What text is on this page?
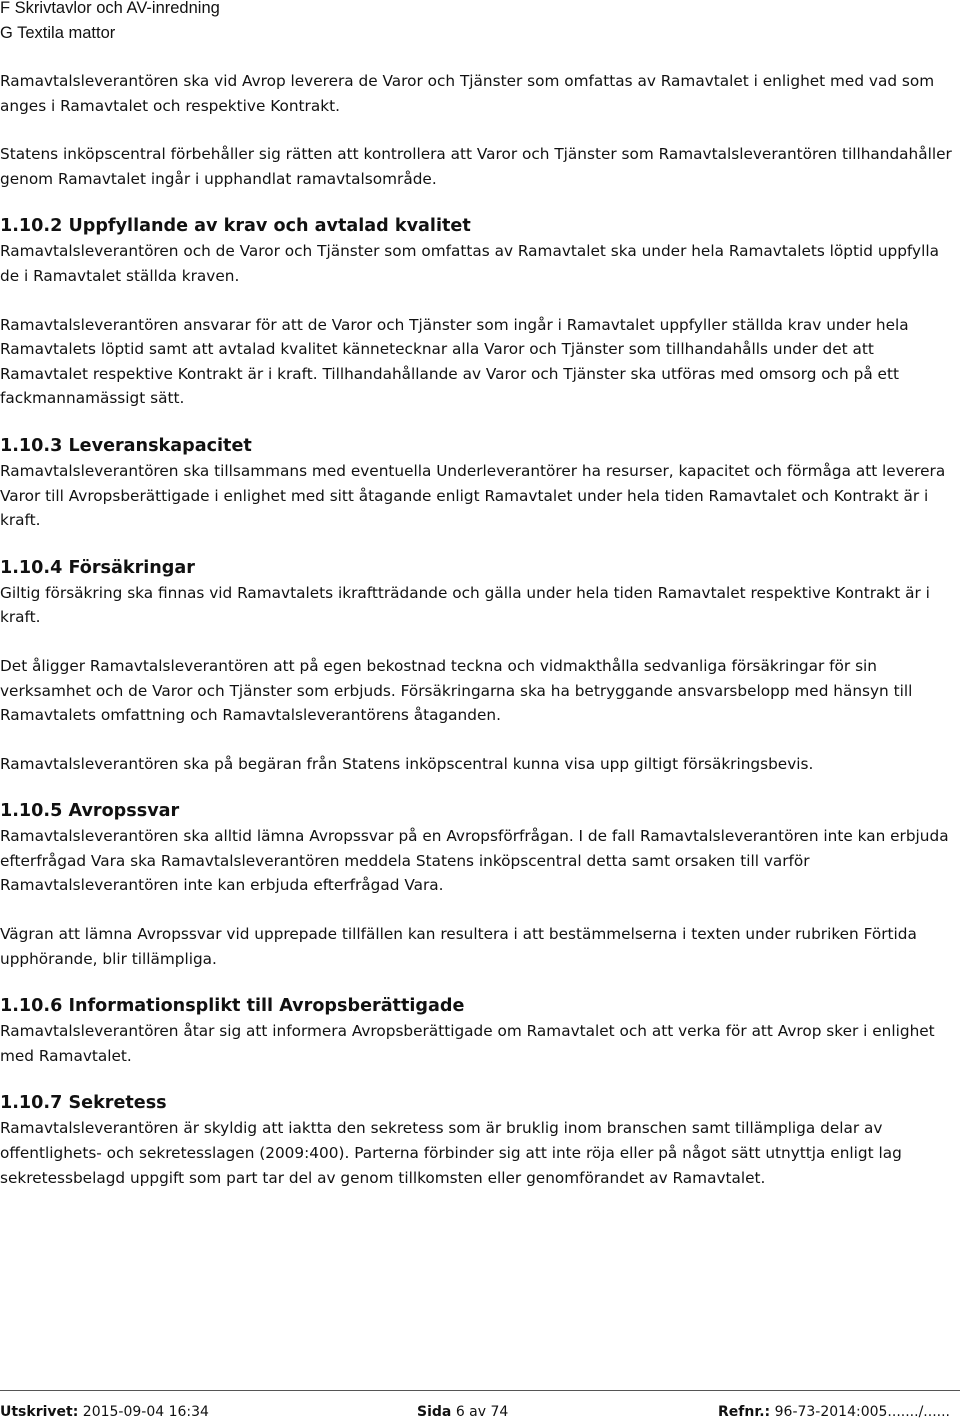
F Skrivtavlor och AV-inredning
G Textila mattor

Ramavtalsleverantören ska vid Avrop leverera de Varor och Tjänster som omfattas av Ramavtalet i enlighet med vad som anges i Ramavtalet och respektive Kontrakt.

Statens inköpscentral förbehåller sig rätten att kontrollera att Varor och Tjänster som Ramavtalsleverantören tillhandahåller genom Ramavtalet ingår i upphandlat ramavtalsområde.

1.10.2 Uppfyllande av krav och avtalad kvalitet

Ramavtalsleverantören och de Varor och Tjänster som omfattas av Ramavtalet ska under hela Ramavtalets löptid uppfylla de i Ramavtalet ställda kraven.

Ramavtalsleverantören ansvarar för att de Varor och Tjänster som ingår i Ramavtalet uppfyller ställda krav under hela Ramavtalets löptid samt att avtalad kvalitet kännetecknar alla Varor och Tjänster som tillhandahålls under det att Ramavtalet respektive Kontrakt är i kraft. Tillhandahållande av Varor och Tjänster ska utföras med omsorg och på ett fackmannamässigt sätt.

1.10.3 Leveranskapacitet

Ramavtalsleverantören ska tillsammans med eventuella Underleverantörer ha resurser, kapacitet och förmåga att leverera Varor till Avropsberättigade i enlighet med sitt åtagande enligt Ramavtalet under hela tiden Ramavtalet och Kontrakt är i kraft.

1.10.4 Försäkringar

Giltig försäkring ska finnas vid Ramavtalets ikraftträdande och gälla under hela tiden Ramavtalet respektive Kontrakt är i kraft.

Det åligger Ramavtalsleverantören att på egen bekostnad teckna och vidmakthålla sedvanliga försäkringar för sin verksamhet och de Varor och Tjänster som erbjuds. Försäkringarna ska ha betryggande ansvarsbelopp med hänsyn till Ramavtalets omfattning och Ramavtalsleverantörens åtaganden.

Ramavtalsleverantören ska på begäran från Statens inköpscentral kunna visa upp giltigt försäkringsbevis.

1.10.5 Avropssvar

Ramavtalsleverantören ska alltid lämna Avropssvar på en Avropsförfrågan. I de fall Ramavtalsleverantören inte kan erbjuda efterfrågad Vara ska Ramavtalsleverantören meddela Statens inköpscentral detta samt orsaken till varför Ramavtalsleverantören inte kan erbjuda efterfrågad Vara.

Vägran att lämna Avropssvar vid upprepade tillfällen kan resultera i att bestämmelserna i texten under rubriken Förtida upphörande, blir tillämpliga.

1.10.6 Informationsplikt till Avropsberättigade

Ramavtalsleverantören åtar sig att informera Avropsberättigade om Ramavtalet och att verka för att Avrop sker i enlighet med Ramavtalet.

1.10.7 Sekretess

Ramavtalsleverantören är skyldig att iaktta den sekretess som är bruklig inom branschen samt tillämpliga delar av offentlighets- och sekretesslagen (2009:400). Parterna förbinder sig att inte röja eller på något sätt utnyttja enligt lag sekretessbelagd uppgift som part tar del av genom tillkomsten eller genomförandet av Ramavtalet.

Utskrivet: 2015-09-04 16:34	Sida 6 av 74	Refnr.: 96-73-2014:005......./......
